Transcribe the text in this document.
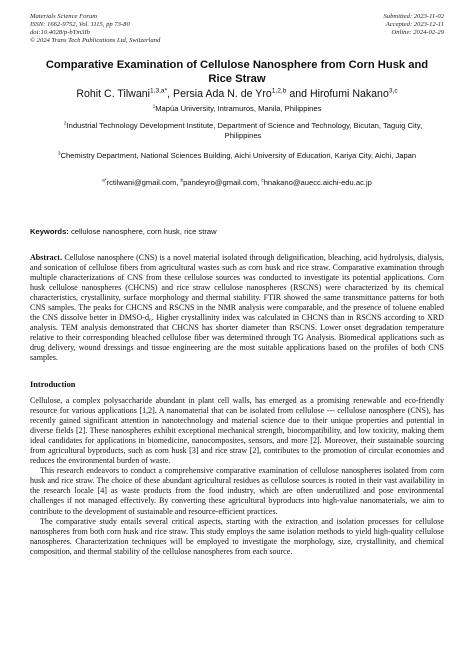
Materials Science Forum
ISSN: 1662-9752, Vol. 1115, pp 73-80
doi:10.4028/p-bTm3Ib
© 2024 Trans Tech Publications Ltd, Switzerland
Submitted: 2023-11-02
Accepted: 2023-12-11
Online: 2024-02-29
Comparative Examination of Cellulose Nanosphere from Corn Husk and Rice Straw
Rohit C. Tilwani$^{1,3,a*}$, Persia Ada N. de Yro$^{1,2,b}$ and Hirofumi Nakano$^{3,c}$
$^1$Mapúa University, Intramuros, Manila, Philippines
$^2$Industrial Technology Development Institute, Department of Science and Technology, Bicutan, Taguig City, Philippines
$^3$Chemistry Department, National Sciences Building, Aichi University of Education, Kariya City, Aichi, Japan
$^{a*}$rctilwani@gmail.com, $^b$pandeyro@gmail.com, $^c$hnakano@auecc.aichi-edu.ac.jp
Keywords: cellulose nanosphere, corn husk, rice straw
Abstract. Cellulose nanosphere (CNS) is a novel material isolated through delignification, bleaching, acid hydrolysis, dialysis, and sonication of cellulose fibers from agricultural wastes such as corn husk and rice straw. Comparative examination through multiple characterizations of CNS from these cellulose sources was conducted to investigate its potential applications. Corn husk cellulose nanospheres (CHCNS) and rice straw cellulose nanospheres (RSCNS) were characterized by its chemical characteristics, crystallinity, surface morphology and thermal stability. FTIR showed the same transmittance patterns for both CNS samples. The peaks for CHCNS and RSCNS in the NMR analysis were comparable, and the presence of toluene enabled the CNS dissolve better in DMSO-d₆. Higher crystallinity index was calculated in CHCNS than in RSCNS according to XRD analysis. TEM analysis demonstrated that CHCNS has shorter diameter than RSCNS. Lower onset degradation temperature relative to their corresponding bleached cellulose fiber was determined through TG Analysis. Biomedical applications such as drug delivery, wound dressings and tissue engineering are the most suitable applications based on the profiles of both CNS samples.
Introduction

Cellulose, a complex polysaccharide abundant in plant cell walls, has emerged as a promising renewable and eco-friendly resource for various applications [1,2]. A nanomaterial that can be isolated from cellulose --- cellulose nanosphere (CNS), has recently gained significant attention in nanotechnology and material science due to their unique properties and potential in diverse fields [2]. These nanospheres exhibit exceptional mechanical strength, biocompatibility, and low toxicity, making them ideal candidates for applications in biomedicine, nanocomposites, sensors, and more [2]. Moreover, their sustainable sourcing from agricultural byproducts, such as corn husk [3] and rice straw [2], contributes to the promotion of circular economies and reduces the environmental burden of waste.

This research endeavors to conduct a comprehensive comparative examination of cellulose nanospheres isolated from corn husk and rice straw. The choice of these abundant agricultural residues as cellulose sources is rooted in their vast availability in the research locale [4] as waste products from the food industry, which are often underutilized and pose environmental challenges if not managed effectively. By converting these agricultural byproducts into high-value nanomaterials, we aim to contribute to the development of sustainable and resource-efficient practices.

The comparative study entails several critical aspects, starting with the extraction and isolation processes for cellulose nanospheres from both corn husk and rice straw. This study employs the same isolation methods to yield high-quality cellulose nanospheres. Characterization techniques will be employed to investigate the morphology, size, crystallinity, and chemical composition, and thermal stability of the cellulose nanospheres from each source.
